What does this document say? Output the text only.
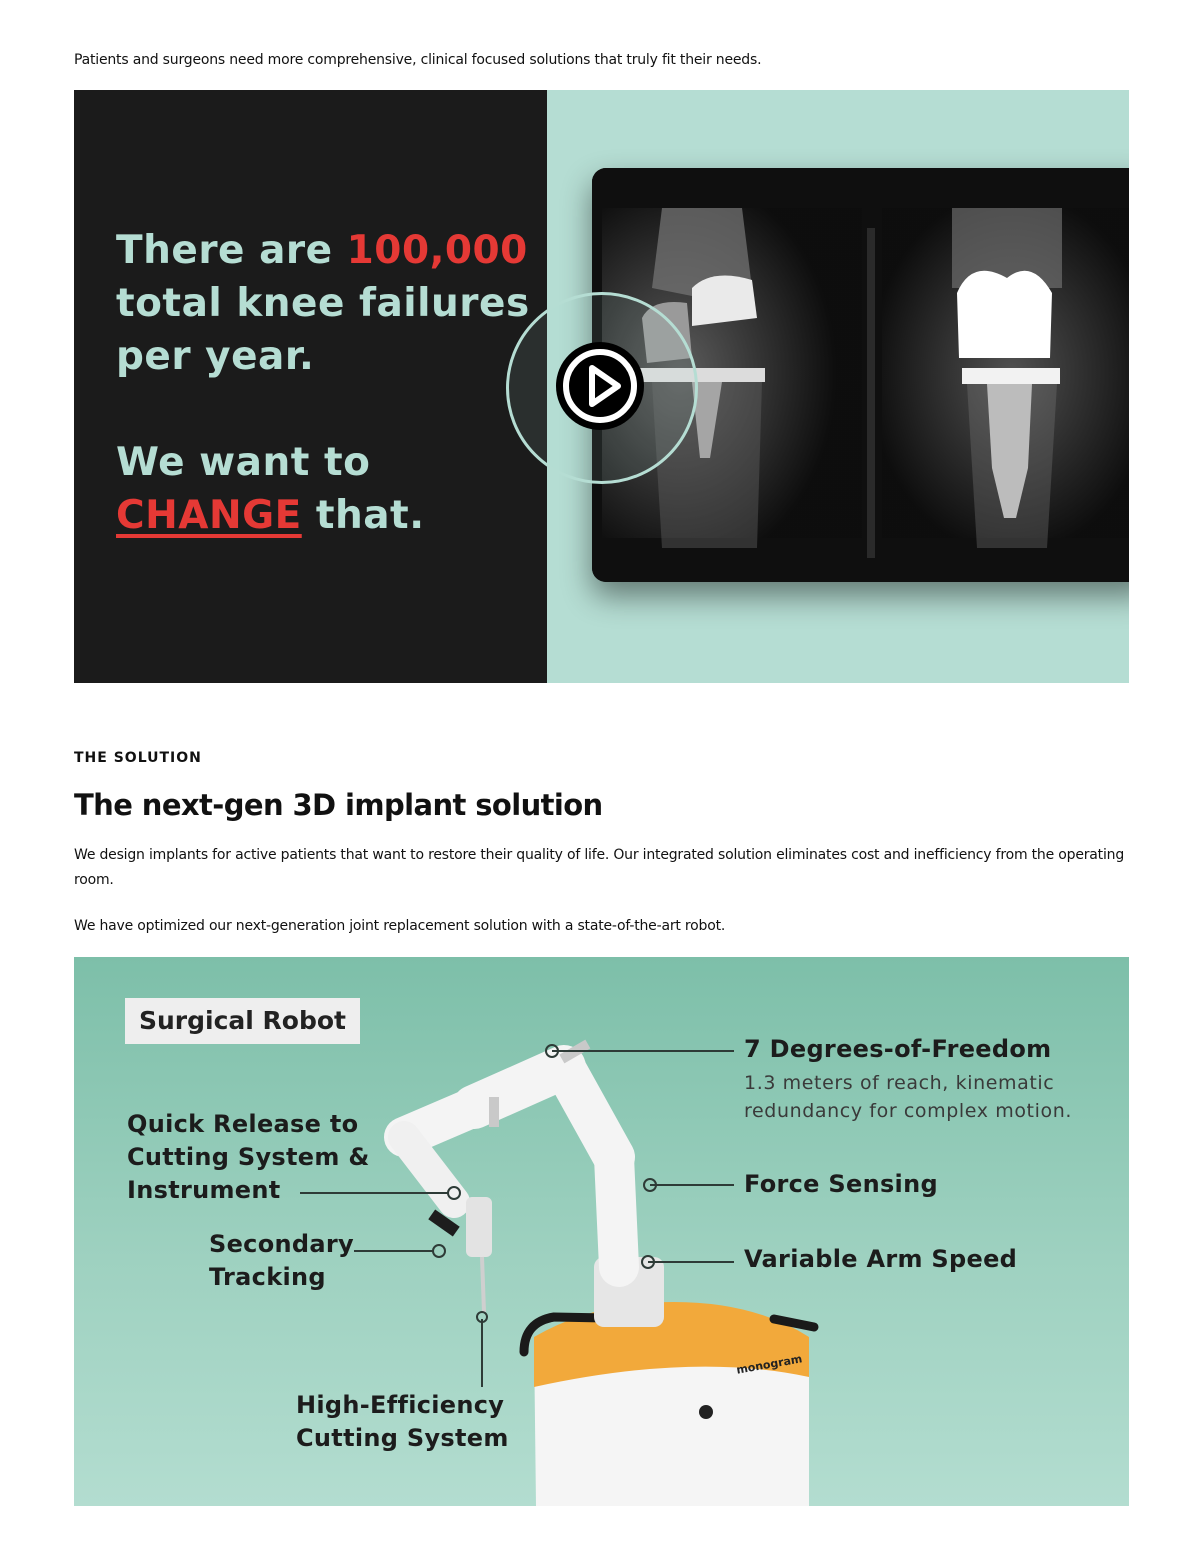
Patients and surgeons need more comprehensive, clinical focused solutions that truly fit their needs.
There are 100,000
total knee failures
per year.
We want to
CHANGE that.
THE SOLUTION
The next-gen 3D implant solution
We design implants for active patients that want to restore their quality of life. Our integrated solution eliminates cost and inefficiency from the operating room.
We have optimized our next-generation joint replacement solution with a state-of-the-art robot.
Surgical Robot
7 Degrees-of-Freedom
1.3 meters of reach, kinematic
redundancy for complex motion.
Force Sensing
Variable Arm Speed
Quick Release to
Cutting System &
Instrument
Secondary
Tracking
High-Efficiency
Cutting System
monogram
